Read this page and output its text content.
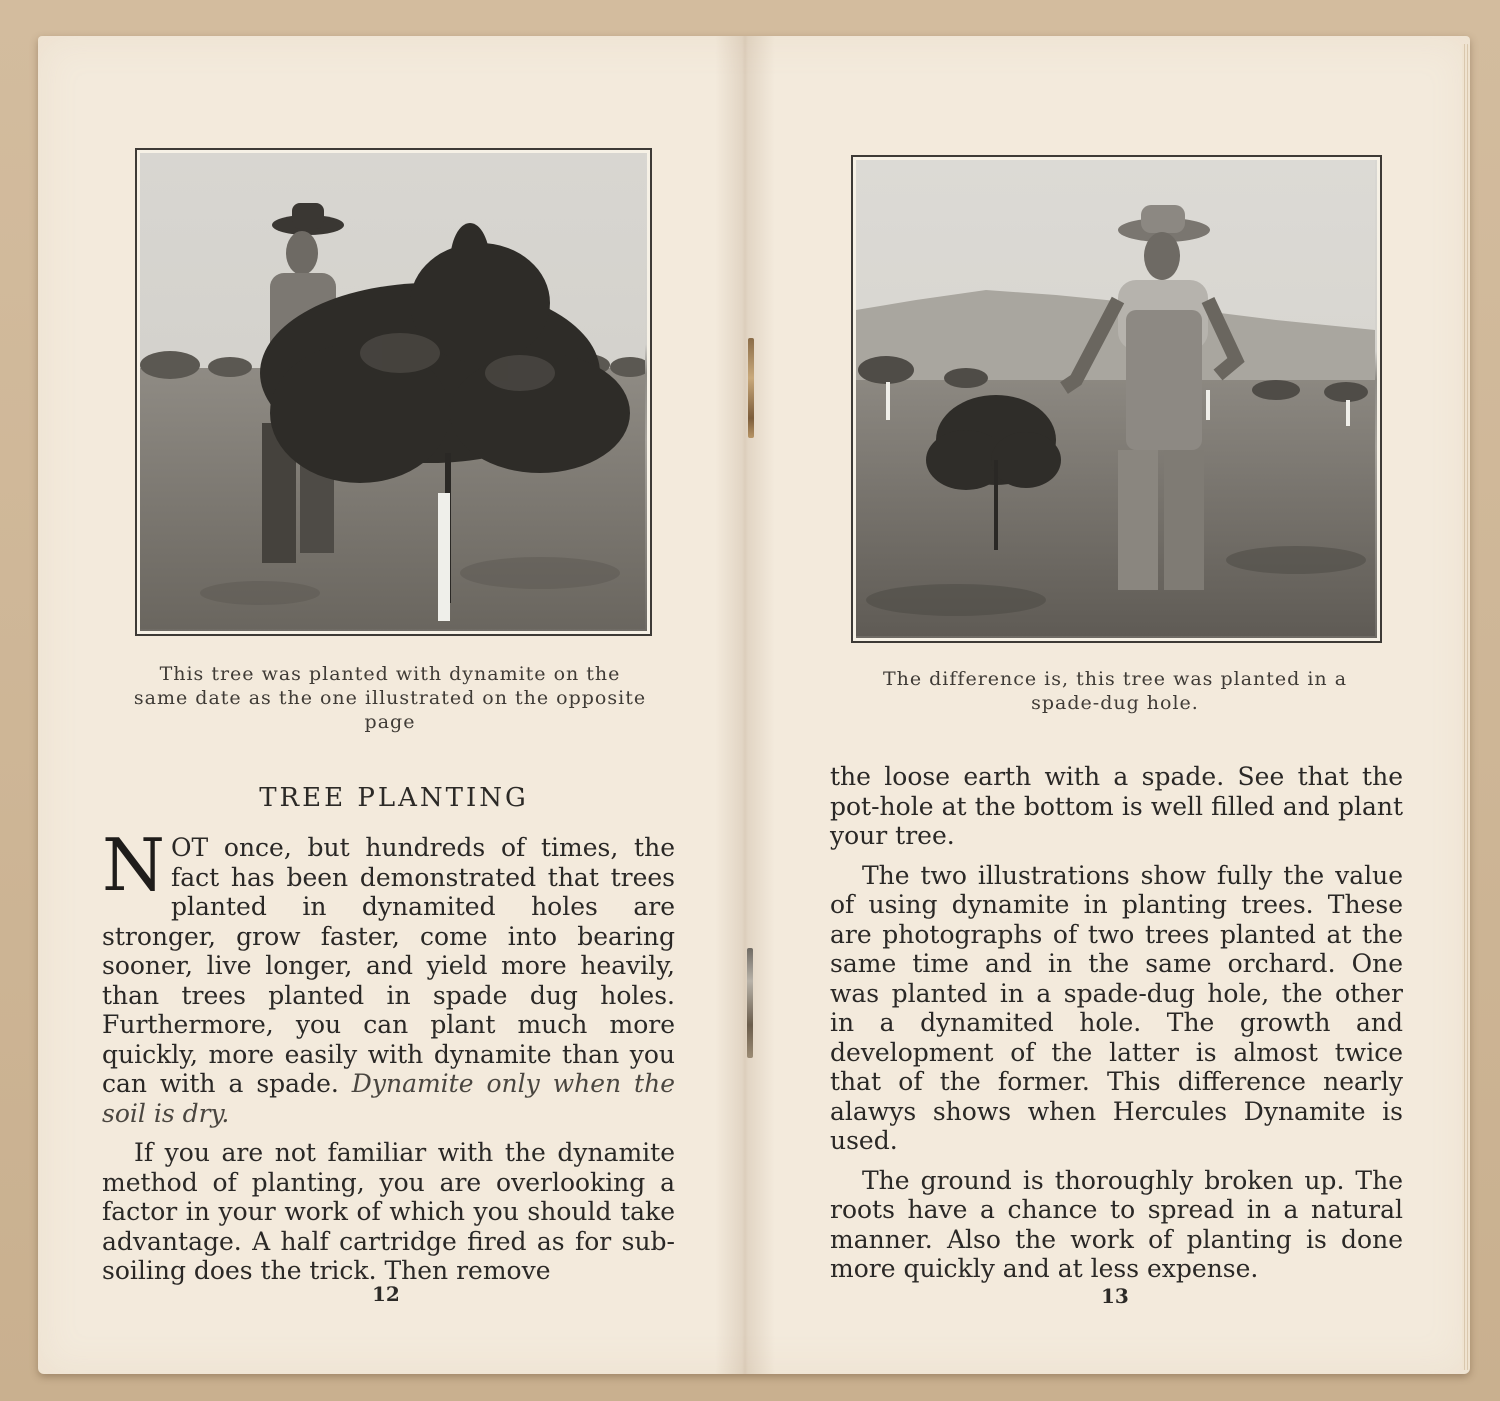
This tree was planted with dynamite on the same date as the one illustrated on the opposite page
TREE PLANTING

NOT once, but hundreds of times, the fact has been demonstrated that trees planted in dynamited holes are stronger, grow faster, come into bearing sooner, live longer, and yield more heavily, than trees planted in spade dug holes. Furthermore, you can plant much more quickly, more easily with dynamite than you can with a spade. Dynamite only when the soil is dry.

If you are not familiar with the dynamite method of planting, you are overlooking a factor in your work of which you should take advantage. A half cartridge fired as for sub-soiling does the trick. Then remove

12
The difference is, this tree was planted in a spade-dug hole.

the loose earth with a spade. See that the pot-hole at the bottom is well filled and plant your tree.

The two illustrations show fully the value of using dynamite in planting trees. These are photographs of two trees planted at the same time and in the same orchard. One was planted in a spade-dug hole, the other in a dynamited hole. The growth and development of the latter is almost twice that of the former. This difference nearly alawys shows when Hercules Dynamite is used.

The ground is thoroughly broken up. The roots have a chance to spread in a natural manner. Also the work of planting is done more quickly and at less expense.

13
